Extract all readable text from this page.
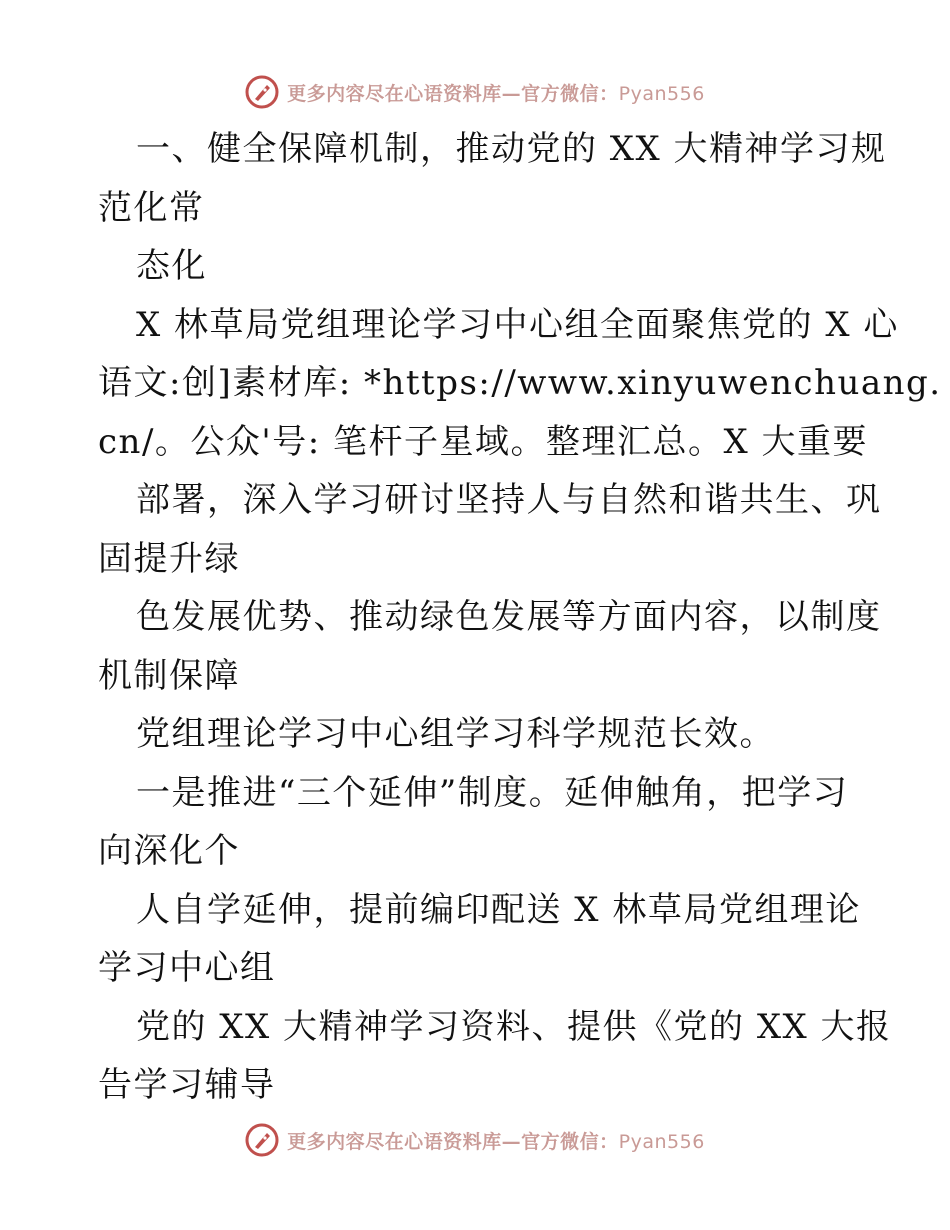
更多内容尽在心语资料库—官方微信：Pyan556
一、健全保障机制，推动党的 XX 大精神学习规
范化常
态化
X 林草局党组理论学习中心组全面聚焦党的 X 心
语文:创]素材库: *https://www.xinyuwenchuang.
cn/。公众'号: 笔杆子星域。整理汇总。X 大重要
部署，深入学习研讨坚持人与自然和谐共生、巩
固提升绿
色发展优势、推动绿色发展等方面内容，以制度
机制保障
党组理论学习中心组学习科学规范长效。
一是推进“三个延伸”制度。延伸触角，把学习
向深化个
人自学延伸，提前编印配送 X 林草局党组理论
学习中心组
党的 XX 大精神学习资料、提供《党的 XX 大报
告学习辅导
更多内容尽在心语资料库—官方微信：Pyan556
